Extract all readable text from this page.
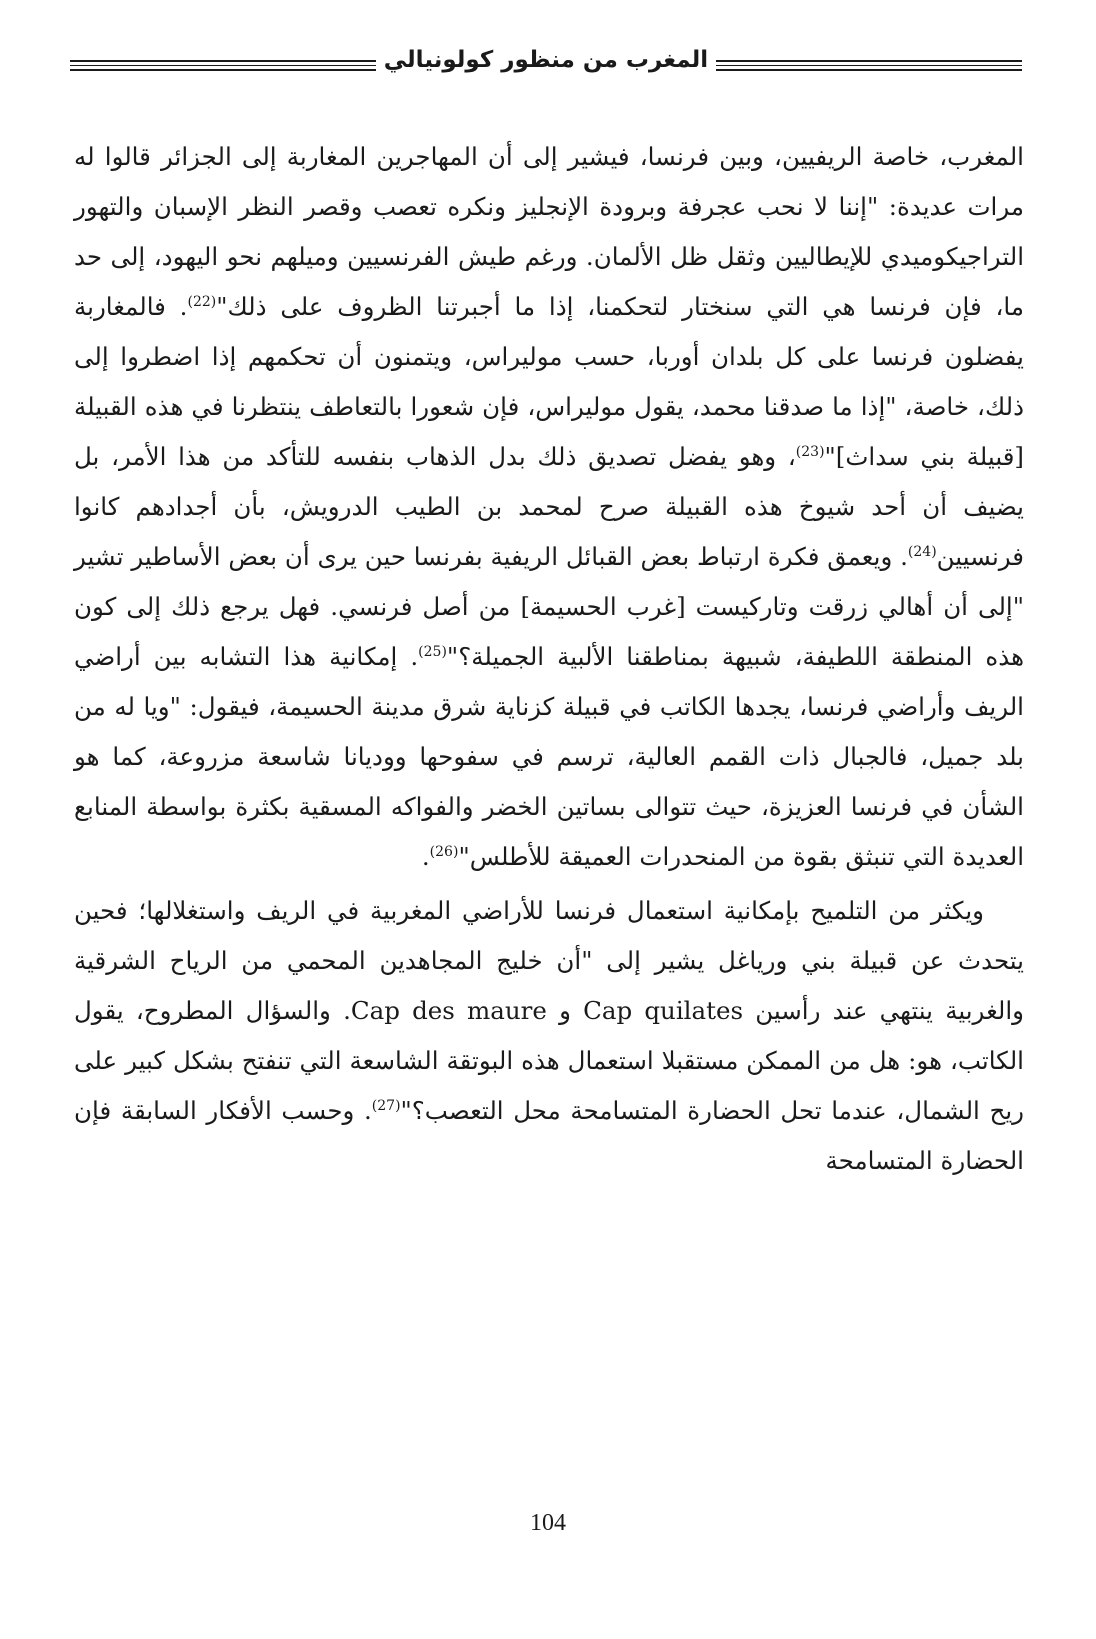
المغرب من منظور كولونيالي

المغرب، خاصة الريفيين، وبين فرنسا، فيشير إلى أن المهاجرين المغاربة إلى الجزائر قالوا له مرات عديدة: "إننا لا نحب عجرفة وبرودة الإنجليز ونكره تعصب وقصر النظر الإسبان والتهور التراجيكوميدي للإيطاليين وثقل ظل الألمان. ورغم طيش الفرنسيين وميلهم نحو اليهود، إلى حد ما، فإن فرنسا هي التي سنختار لتحكمنا، إذا ما أجبرتنا الظروف على ذلك"$^{(22)}$. فالمغاربة يفضلون فرنسا على كل بلدان أوربا، حسب موليراس، ويتمنون أن تحكمهم إذا اضطروا إلى ذلك، خاصة، "إذا ما صدقنا محمد، يقول موليراس، فإن شعورا بالتعاطف ينتظرنا في هذه القبيلة [قبيلة بني سداث]"$^{(23)}$، وهو يفضل تصديق ذلك بدل الذهاب بنفسه للتأكد من هذا الأمر، بل يضيف أن أحد شيوخ هذه القبيلة صرح لمحمد بن الطيب الدرويش، بأن أجدادهم كانوا فرنسيين$^{(24)}$. ويعمق فكرة ارتباط بعض القبائل الريفية بفرنسا حين يرى أن بعض الأساطير تشير "إلى أن أهالي زرقت وتاركيست [غرب الحسيمة] من أصل فرنسي. فهل يرجع ذلك إلى كون هذه المنطقة اللطيفة، شبيهة بمناطقنا الألبية الجميلة؟"$^{(25)}$. إمكانية هذا التشابه بين أراضي الريف وأراضي فرنسا، يجدها الكاتب في قبيلة كزناية شرق مدينة الحسيمة، فيقول: "ويا له من بلد جميل، فالجبال ذات القمم العالية، ترسم في سفوحها ووديانا شاسعة مزروعة، كما هو الشأن في فرنسا العزيزة، حيث تتوالى بساتين الخضر والفواكه المسقية بكثرة بواسطة المنابع العديدة التي تنبثق بقوة من المنحدرات العميقة للأطلس"$^{(26)}$.

ويكثر من التلميح بإمكانية استعمال فرنسا للأراضي المغربية في الريف واستغلالها؛ فحين يتحدث عن قبيلة بني ورياغل يشير إلى "أن خليج المجاهدين المحمي من الرياح الشرقية والغربية ينتهي عند رأسين Cap quilates و Cap des maure. والسؤال المطروح، يقول الكاتب، هو: هل من الممكن مستقبلا استعمال هذه البوتقة الشاسعة التي تنفتح بشكل كبير على ريح الشمال، عندما تحل الحضارة المتسامحة محل التعصب؟"$^{(27)}$. وحسب الأفكار السابقة فإن الحضارة المتسامحة

104
